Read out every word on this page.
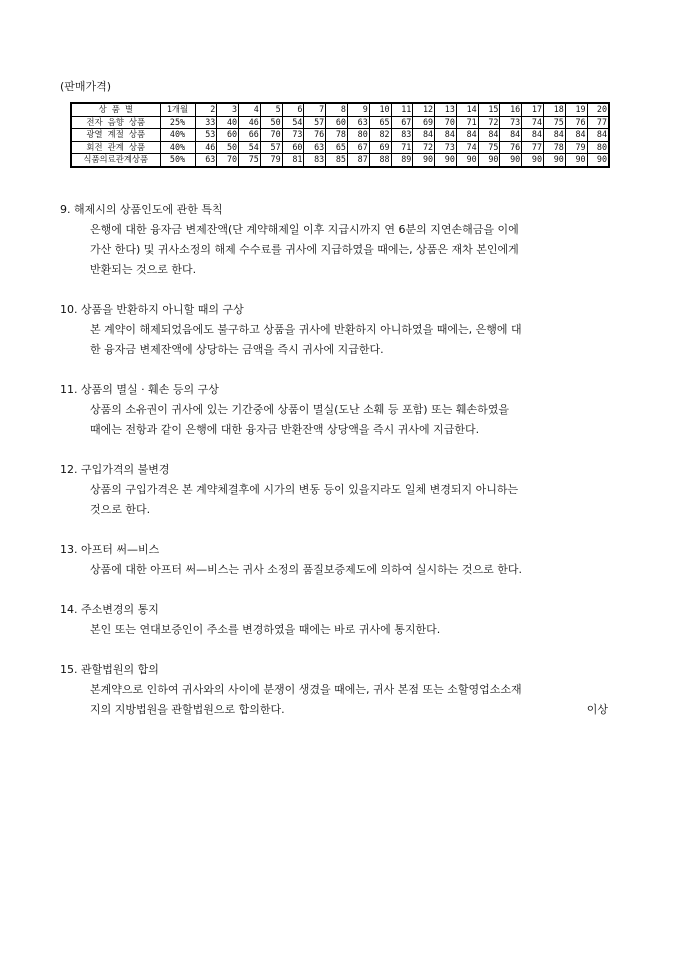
(판매가격)
상 품 별	1개월	2	3	4	5	6	7	8	9	10	11	12	13	14	15	16	17	18	19	20
전자 음향 상품	25%	33	40	46	50	54	57	60	63	65	67	69	70	71	72	73	74	75	76	77
광열 계절 상품	40%	53	60	66	70	73	76	78	80	82	83	84	84	84	84	84	84	84	84	84
회전 관계 상품	40%	46	50	54	57	60	63	65	67	69	71	72	73	74	75	76	77	78	79	80
식품의료관계상품	50%	63	70	75	79	81	83	85	87	88	89	90	90	90	90	90	90	90	90	90
9. 해제시의 상품인도에 관한 특칙
은행에 대한 융자금 변제잔액(단 계약해제일 이후 지급시까지 연 6분의 지연손해금을 이에
가산 한다) 및 귀사소정의 해제 수수료를 귀사에 지급하였을 때에는, 상품은 재차 본인에게
반환되는 것으로 한다.
10. 상품을 반환하지 아니할 때의 구상
본 계약이 해제되었음에도 불구하고 상품을 귀사에 반환하지 아니하였을 때에는, 은행에 대
한 융자금 변제잔액에 상당하는 금액을 즉시 귀사에 지급한다.
11. 상품의 멸실 · 훼손 등의 구상
상품의 소유권이 귀사에 있는 기간중에 상품이 멸실(도난 소훼 등 포함) 또는 훼손하였을
때에는 전항과 같이 은행에 대한 융자금 반환잔액 상당액을 즉시 귀사에 지급한다.
12. 구입가격의 불변경
상품의 구입가격은 본 계약체결후에 시가의 변동 등이 있을지라도 일체 변경되지 아니하는
것으로 한다.
13. 아프터 써—비스
상품에 대한 아프터 써—비스는 귀사 소정의 품질보증제도에 의하여 실시하는 것으로 한다.
14. 주소변경의 통지
본인 또는 연대보증인이 주소를 변경하였을 때에는 바로 귀사에 통지한다.
15. 관할법원의 합의
본계약으로 인하여 귀사와의 사이에 분쟁이 생겼을 때에는, 귀사 본점 또는 소할영업소소재
지의 지방법원을 관할법원으로 합의한다.	이상
